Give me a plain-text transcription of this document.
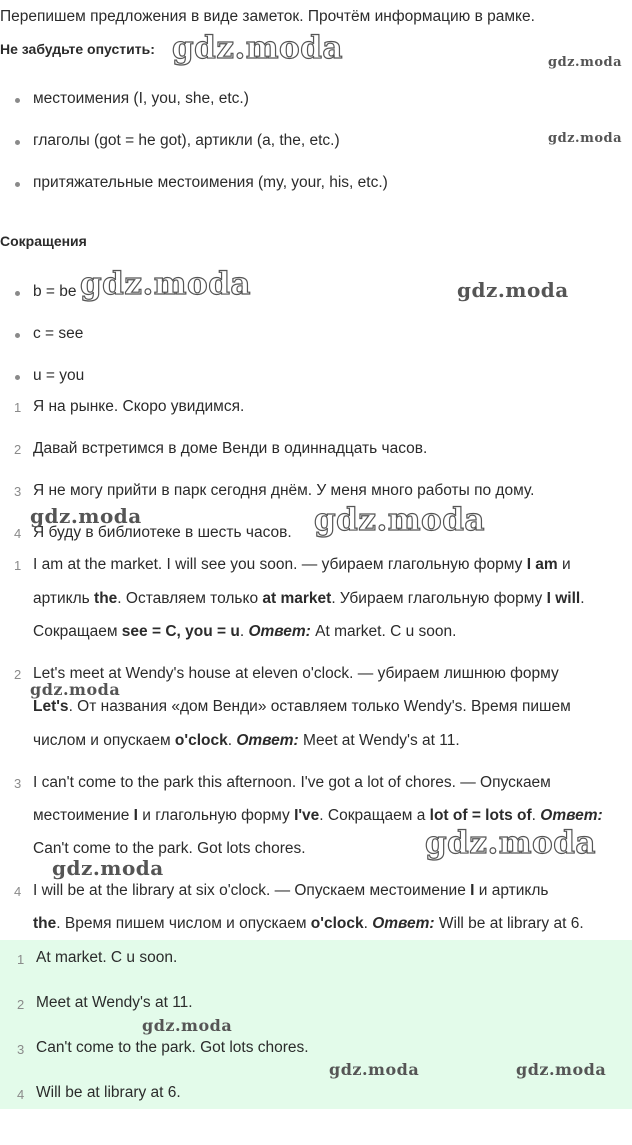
Перепишем предложения в виде заметок. Прочтём информацию в рамке.
Не забудьте опустить:
местоимения (I, you, she, etc.)
глаголы (got = he got), артикли (a, the, etc.)
притяжательные местоимения (my, your, his, etc.)
Сокращения
b = be
c = see
u = you
1 Я на рынке. Скоро увидимся.
2 Давай встретимся в доме Венди в одиннадцать часов.
3 Я не могу прийти в парк сегодня днём. У меня много работы по дому.
4 Я буду в библиотеке в шесть часов.
1 I am at the market. I will see you soon. — убираем глагольную форму I am и
артикль the. Оставляем только at market. Убираем глагольную форму I will.
Сокращаем see = C, you = u. Ответ: At market. C u soon.
2 Let's meet at Wendy's house at eleven o'clock. — убираем лишнюю форму
Let's. От названия «дом Венди» оставляем только Wendy's. Время пишем
числом и опускаем o'clock. Ответ: Meet at Wendy's at 11.
3 I can't come to the park this afternoon. I've got a lot of chores. — Опускаем
местоимение I и глагольную форму I've. Сокращаем a lot of = lots of. Ответ:
Can't come to the park. Got lots chores.
4 I will be at the library at six o'clock. — Опускаем местоимение I и артикль
the. Время пишем числом и опускаем o'clock. Ответ: Will be at library at 6.
1 At market. C u soon.
2 Meet at Wendy's at 11.
3 Can't come to the park. Got lots chores.
4 Will be at library at 6.
gdz.moda	gdz.moda
gdz.moda
gdz.moda	gdz.moda
gdz.moda	gdz.moda
gdz.moda
gdz.moda
gdz.moda
gdz.moda
gdz.moda	gdz.moda
